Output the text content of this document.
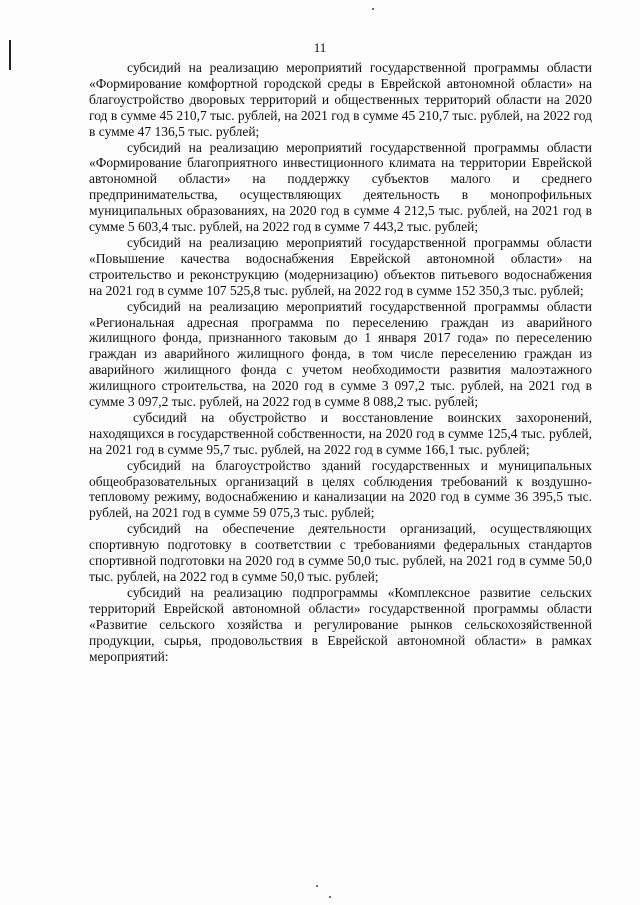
11

субсидий на реализацию мероприятий государственной программы области «Формирование комфортной городской среды в Еврейской автономной области» на благоустройство дворовых территорий и общественных территорий области на 2020 год в сумме 45 210,7 тыс. рублей, на 2021 год в сумме 45 210,7 тыс. рублей, на 2022 год в сумме 47 136,5 тыс. рублей;

субсидий на реализацию мероприятий государственной программы области «Формирование благоприятного инвестиционного климата на территории Еврейской автономной области» на поддержку субъектов малого и среднего предпринимательства, осуществляющих деятельность в монопрофильных муниципальных образованиях, на 2020 год в сумме 4 212,5 тыс. рублей, на 2021 год в сумме 5 603,4 тыс. рублей, на 2022 год в сумме 7 443,2 тыс. рублей;

субсидий на реализацию мероприятий государственной программы области «Повышение качества водоснабжения Еврейской автономной области» на строительство и реконструкцию (модернизацию) объектов питьевого водоснабжения на 2021 год в сумме 107 525,8 тыс. рублей, на 2022 год в сумме 152 350,3 тыс. рублей;

субсидий на реализацию мероприятий государственной программы области «Региональная адресная программа по переселению граждан из аварийного жилищного фонда, признанного таковым до 1 января 2017 года» по переселению граждан из аварийного жилищного фонда, в том числе переселению граждан из аварийного жилищного фонда с учетом необходимости развития малоэтажного жилищного строительства, на 2020 год в сумме 3 097,2 тыс. рублей, на 2021 год в сумме 3 097,2 тыс. рублей, на 2022 год в сумме 8 088,2 тыс. рублей;

субсидий на обустройство и восстановление воинских захоронений, находящихся в государственной собственности, на 2020 год в сумме 125,4 тыс. рублей, на 2021 год в сумме 95,7 тыс. рублей, на 2022 год в сумме 166,1 тыс. рублей;

субсидий на благоустройство зданий государственных и муниципальных общеобразовательных организаций в целях соблюдения требований к воздушно-тепловому режиму, водоснабжению и канализации на 2020 год в сумме 36 395,5 тыс. рублей, на 2021 год в сумме 59 075,3 тыс. рублей;

субсидий на обеспечение деятельности организаций, осуществляющих спортивную подготовку в соответствии с требованиями федеральных стандартов спортивной подготовки на 2020 год в сумме 50,0 тыс. рублей, на 2021 год в сумме 50,0 тыс. рублей, на 2022 год в сумме 50,0 тыс. рублей;

субсидий на реализацию подпрограммы «Комплексное развитие сельских территорий Еврейской автономной области» государственной программы области «Развитие сельского хозяйства и регулирование рынков сельскохозяйственной продукции, сырья, продовольствия в Еврейской автономной области» в рамках мероприятий:
